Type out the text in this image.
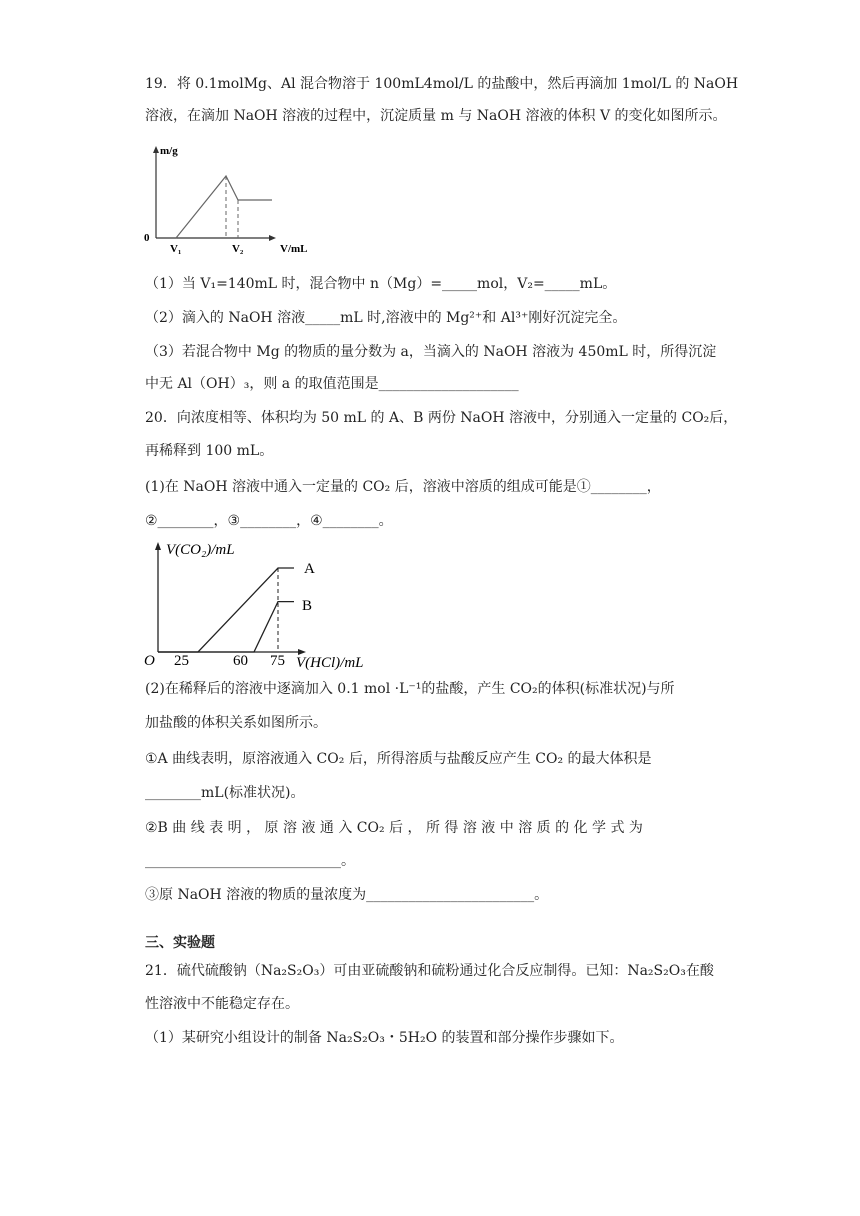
19．将 0.1molMg、Al 混合物溶于 100mL4mol/L 的盐酸中，然后再滴加 1mol/L 的 NaOH
溶液，在滴加 NaOH 溶液的过程中，沉淀质量 m 与 NaOH 溶液的体积 V 的变化如图所示。
m/g
0
V₁	V₂	V/mL
（1）当 V₁=140mL 时，混合物中 n（Mg）=_____mol，V₂=_____mL。
（2）滴入的 NaOH 溶液_____mL 时,溶液中的 Mg²⁺和 Al³⁺刚好沉淀完全。
（3）若混合物中 Mg 的物质的量分数为 a，当滴入的 NaOH 溶液为 450mL 时，所得沉淀
中无 Al（OH）₃，则 a 的取值范围是____________________
20．向浓度相等、体积均为 50 mL 的 A、B 两份 NaOH 溶液中，分别通入一定量的 CO₂后，
再稀释到 100 mL。
(1)在 NaOH 溶液中通入一定量的 CO₂ 后，溶液中溶质的组成可能是①________，
②________，③________，④________。
V(CO₂)/mL
O 25	60 75 V(HCl)/mL
A
B
(2)在稀释后的溶液中逐滴加入 0.1 mol ·L⁻¹的盐酸，产生 CO₂的体积(标准状况)与所
加盐酸的体积关系如图所示。
①A 曲线表明，原溶液通入 CO₂ 后，所得溶质与盐酸反应产生 CO₂ 的最大体积是
________mL(标准状况)。
②B 曲 线 表 明 ， 原 溶 液 通 入 CO₂ 后 ， 所 得 溶 液 中 溶 质 的 化 学 式 为
____________________________。
③原 NaOH 溶液的物质的量浓度为________________________。
三、实验题
21．硫代硫酸钠（Na₂S₂O₃）可由亚硫酸钠和硫粉通过化合反应制得。已知：Na₂S₂O₃在酸
性溶液中不能稳定存在。
（1）某研究小组设计的制备 Na₂S₂O₃・5H₂O 的装置和部分操作步骤如下。
